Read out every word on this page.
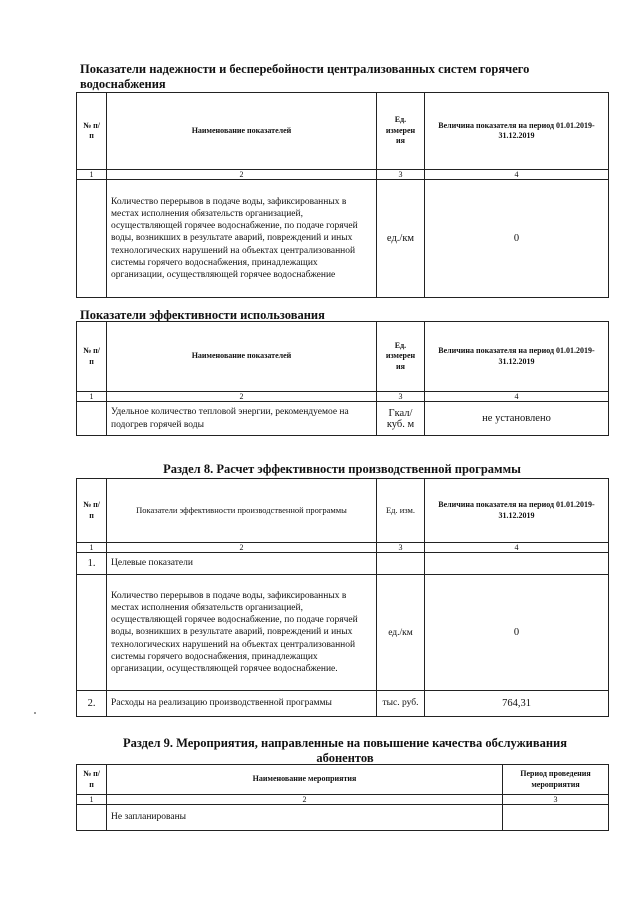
Показатели надежности и бесперебойности централизованных систем горячего водоснабжения
№ п/п	Наименование показателей	Ед. измерен ия	Величина показателя на период 01.01.2019-31.12.2019
1	2	3	4
	Количество перерывов в подаче воды, зафиксированных в местах исполнения обязательств организацией, осуществляющей горячее водоснабжение, по подаче горячей воды, возникших в результате аварий, повреждений и иных технологических нарушений на объектах централизованной системы горячего водоснабжения, принадлежащих организации, осуществляющей горячее водоснабжение	ед./км	0
Показатели эффективности использования
№ п/п	Наименование показателей	Ед. измерен ия	Величина показателя на период 01.01.2019-31.12.2019
1	2	3	4
	Удельное количество тепловой энергии, рекомендуемое на подогрев горячей воды	Гкал/ куб. м	не установлено
Раздел 8. Расчет эффективности производственной программы
№ п/п	Показатели эффективности производственной программы	Ед. изм.	Величина показателя на период 01.01.2019-31.12.2019
1	2	3	4
1.	Целевые показатели		
	Количество перерывов в подаче воды, зафиксированных в местах исполнения обязательств организацией, осуществляющей горячее водоснабжение, по подаче горячей воды, возникших в результате аварий, повреждений и иных технологических нарушений на объектах централизованной системы горячего водоснабжения, принадлежащих организации, осуществляющей горячее водоснабжение.	ед./км	0
2.	Расходы на реализацию производственной программы	тыс. руб.	764,31
Раздел 9. Мероприятия, направленные на повышение качества обслуживания абонентов
№ п/п	Наименование мероприятия	Период проведения мероприятия
1	2	3
	Не запланированы	
